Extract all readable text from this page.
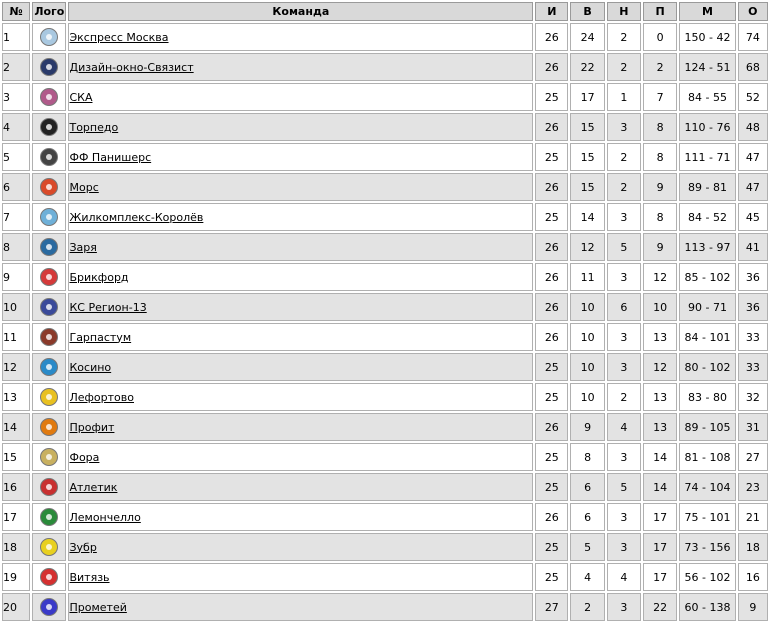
№	Лого	Команда	И	В	Н	П	М	О
1		Экспресс Москва	26	24	2	0	150 - 42	74
2		Дизайн-окно-Связист	26	22	2	2	124 - 51	68
3		СКА	25	17	1	7	84 - 55	52
4		Торпедо	26	15	3	8	110 - 76	48
5		ФФ Панишерс	25	15	2	8	111 - 71	47
6		Морс	26	15	2	9	89 - 81	47
7		Жилкомплекс-Королёв	25	14	3	8	84 - 52	45
8		Заря	26	12	5	9	113 - 97	41
9		Брикфорд	26	11	3	12	85 - 102	36
10		КС Регион-13	26	10	6	10	90 - 71	36
11		Гарпастум	26	10	3	13	84 - 101	33
12		Косино	25	10	3	12	80 - 102	33
13		Лефортово	25	10	2	13	83 - 80	32
14		Профит	26	9	4	13	89 - 105	31
15		Фора	25	8	3	14	81 - 108	27
16		Атлетик	25	6	5	14	74 - 104	23
17		Лемончелло	26	6	3	17	75 - 101	21
18		Зубр	25	5	3	17	73 - 156	18
19		Витязь	25	4	4	17	56 - 102	16
20		Прометей	27	2	3	22	60 - 138	9
